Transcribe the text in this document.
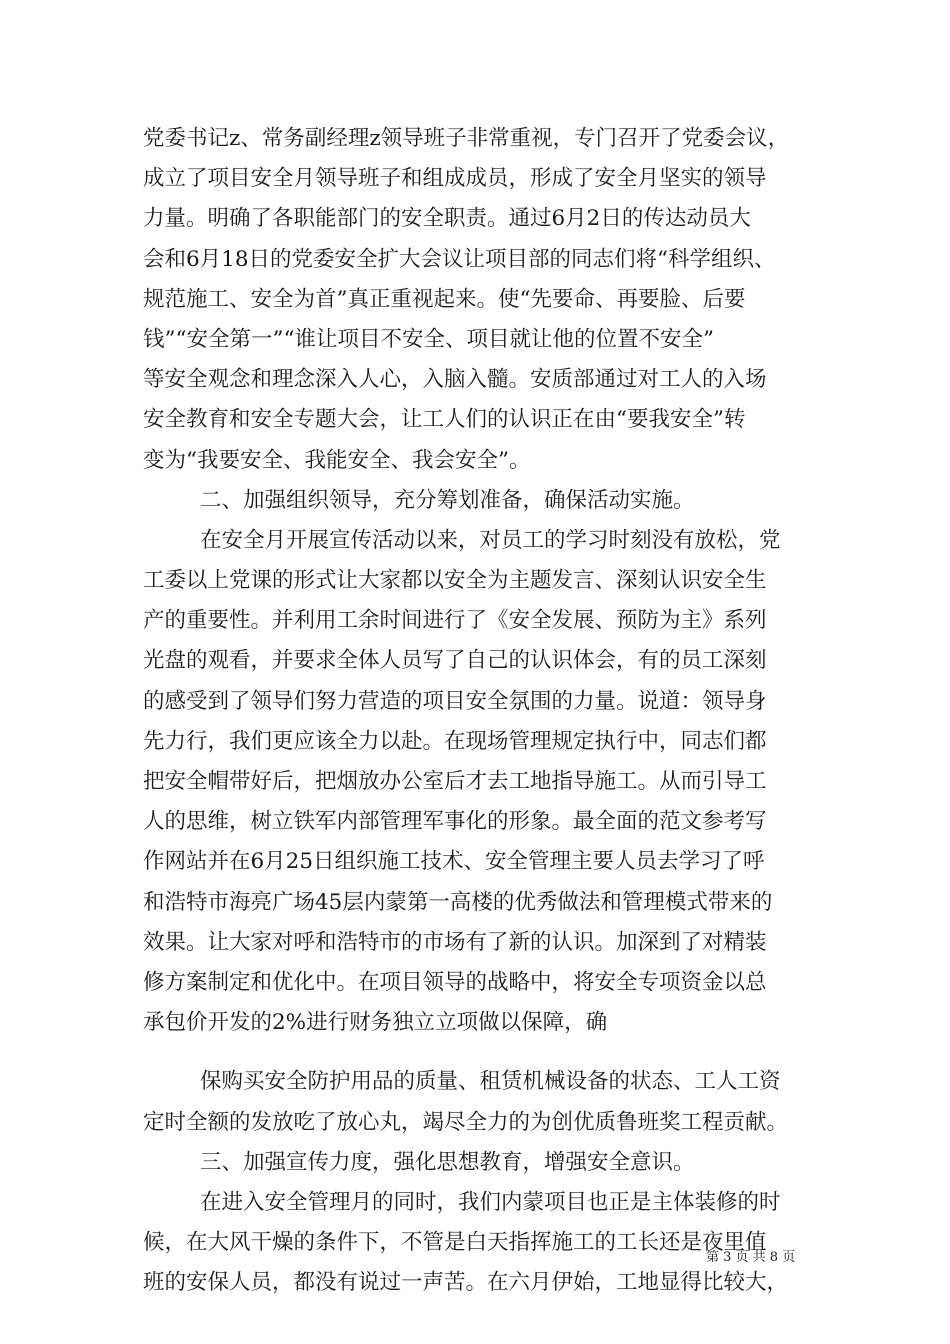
党委书记z、常务副经理z领导班子非常重视，专门召开了党委会议，
成立了项目安全月领导班子和组成成员，形成了安全月坚实的领导
力量。明确了各职能部门的安全职责。通过6月2日的传达动员大
会和6月18日的党委安全扩大会议让项目部的同志们将“科学组织、
规范施工、安全为首”真正重视起来。使“先要命、再要脸、后要
钱”“安全第一”“谁让项目不安全、项目就让他的位置不安全”
等安全观念和理念深入人心，入脑入髓。安质部通过对工人的入场
安全教育和安全专题大会，让工人们的认识正在由“要我安全”转
变为“我要安全、我能安全、我会安全”。
二、加强组织领导，充分筹划准备，确保活动实施。
在安全月开展宣传活动以来，对员工的学习时刻没有放松，党
工委以上党课的形式让大家都以安全为主题发言、深刻认识安全生
产的重要性。并利用工余时间进行了《安全发展、预防为主》系列
光盘的观看，并要求全体人员写了自己的认识体会，有的员工深刻
的感受到了领导们努力营造的项目安全氛围的力量。说道：领导身
先力行，我们更应该全力以赴。在现场管理规定执行中，同志们都
把安全帽带好后，把烟放办公室后才去工地指导施工。从而引导工
人的思维，树立铁军内部管理军事化的形象。最全面的范文参考写
作网站并在6月25日组织施工技术、安全管理主要人员去学习了呼
和浩特市海亮广场45层内蒙第一高楼的优秀做法和管理模式带来的
效果。让大家对呼和浩特市的市场有了新的认识。加深到了对精装
修方案制定和优化中。在项目领导的战略中，将安全专项资金以总
承包价开发的2%进行财务独立立项做以保障，确
保购买安全防护用品的质量、租赁机械设备的状态、工人工资
定时全额的发放吃了放心丸，竭尽全力的为创优质鲁班奖工程贡献。
三、加强宣传力度，强化思想教育，增强安全意识。
在进入安全管理月的同时，我们内蒙项目也正是主体装修的时
候，在大风干燥的条件下，不管是白天指挥施工的工长还是夜里值
班的安保人员，都没有说过一声苦。在六月伊始，工地显得比较大，
第 3 页 共 8 页
